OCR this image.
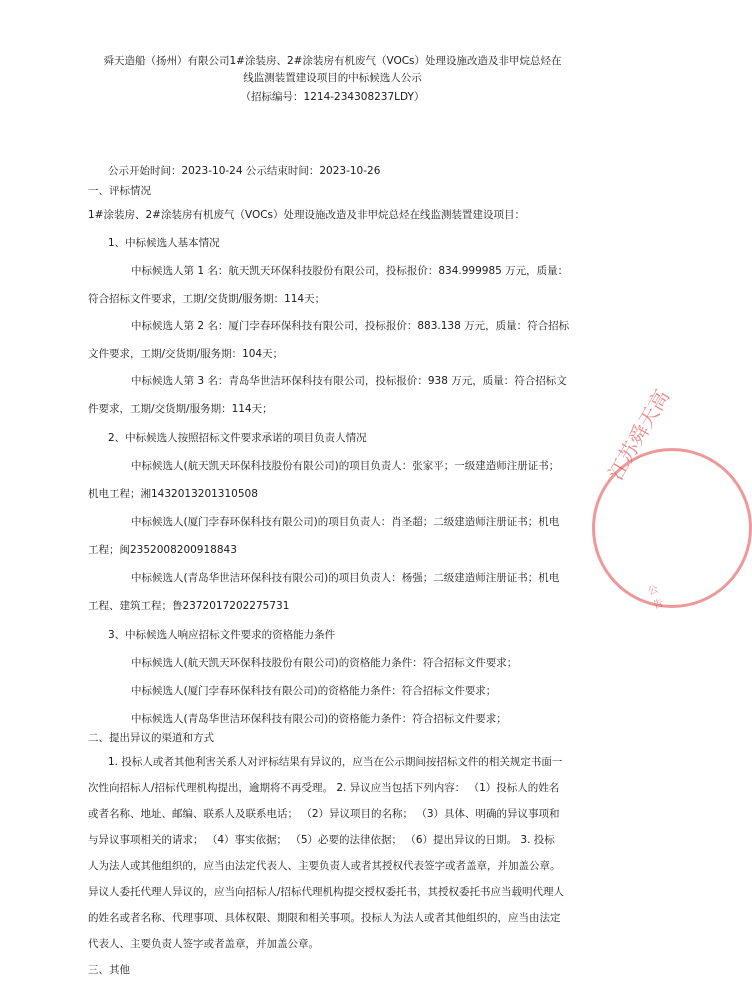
舜天造船（扬州）有限公司1#涂装房、2#涂装房有机废气（VOCs）处理设施改造及非甲烷总烃在
线监测装置建设项目的中标候选人公示
（招标编号：1214-234308237LDY）
公示开始时间：2023-10-24 公示结束时间：2023-10-26
一、评标情况
1#涂装房、2#涂装房有机废气（VOCs）处理设施改造及非甲烷总烃在线监测装置建设项目：
1、中标候选人基本情况
中标候选人第 1 名：航天凯天环保科技股份有限公司，投标报价：834.999985 万元，质量：
符合招标文件要求，工期/交货期/服务期：114天；
中标候选人第 2 名：厦门孛春环保科技有限公司，投标报价：883.138 万元，质量：符合招标
文件要求，工期/交货期/服务期：104天；
中标候选人第 3 名：青岛华世洁环保科技有限公司，投标报价：938 万元，质量：符合招标文
件要求，工期/交货期/服务期：114天；
2、中标候选人按照招标文件要求承诺的项目负责人情况
中标候选人(航天凯天环保科技股份有限公司)的项目负责人：张家平；一级建造师注册证书；
机电工程；湘1432013201310508
中标候选人(厦门孛春环保科技有限公司)的项目负责人：肖圣超；二级建造师注册证书；机电
工程；闽2352008200918843
中标候选人(青岛华世洁环保科技有限公司)的项目负责人：杨强；二级建造师注册证书；机电
工程、建筑工程；鲁2372017202275731
3、中标候选人响应招标文件要求的资格能力条件
中标候选人(航天凯天环保科技股份有限公司)的资格能力条件：符合招标文件要求；
中标候选人(厦门孛春环保科技有限公司)的资格能力条件：符合招标文件要求；
中标候选人(青岛华世洁环保科技有限公司)的资格能力条件：符合招标文件要求；
二、提出异议的渠道和方式
1. 投标人或者其他利害关系人对评标结果有异议的，应当在公示期间按招标文件的相关规定书面一
次性向招标人/招标代理机构提出，逾期将不再受理。 2. 异议应当包括下列内容： （1）投标人的姓名
或者名称、地址、邮编、联系人及联系电话； （2）异议项目的名称； （3）具体、明确的异议事项和
与异议事项相关的请求； （4）事实依据； （5）必要的法律依据； （6）提出异议的日期。 3. 投标
人为法人或其他组织的，应当由法定代表人、主要负责人或者其授权代表签字或者盖章，并加盖公章。
异议人委托代理人异议的，应当向招标人/招标代理机构提交授权委托书，其授权委托书应当载明代理人
的姓名或者名称、代理事项、具体权限、期限和相关事项。投标人为法人或者其他组织的，应当由法定
代表人、主要负责人签字或者盖章，并加盖公章。
三、其他
江苏舜天高
公告
